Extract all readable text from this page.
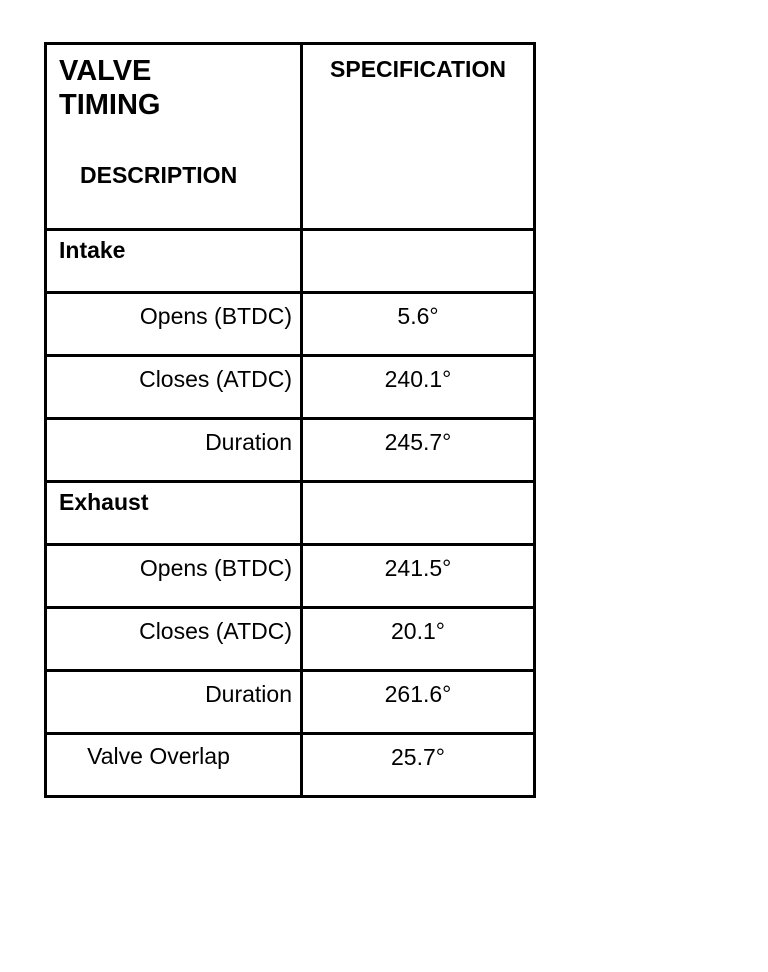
VALVE TIMING
DESCRIPTION	SPECIFICATION

Intake	

Opens (BTDC)	5.6°

Closes (ATDC)	240.1°

Duration	245.7°

Exhaust	

Opens (BTDC)	241.5°

Closes (ATDC)	20.1°

Duration	261.6°

Valve Overlap	25.7°
